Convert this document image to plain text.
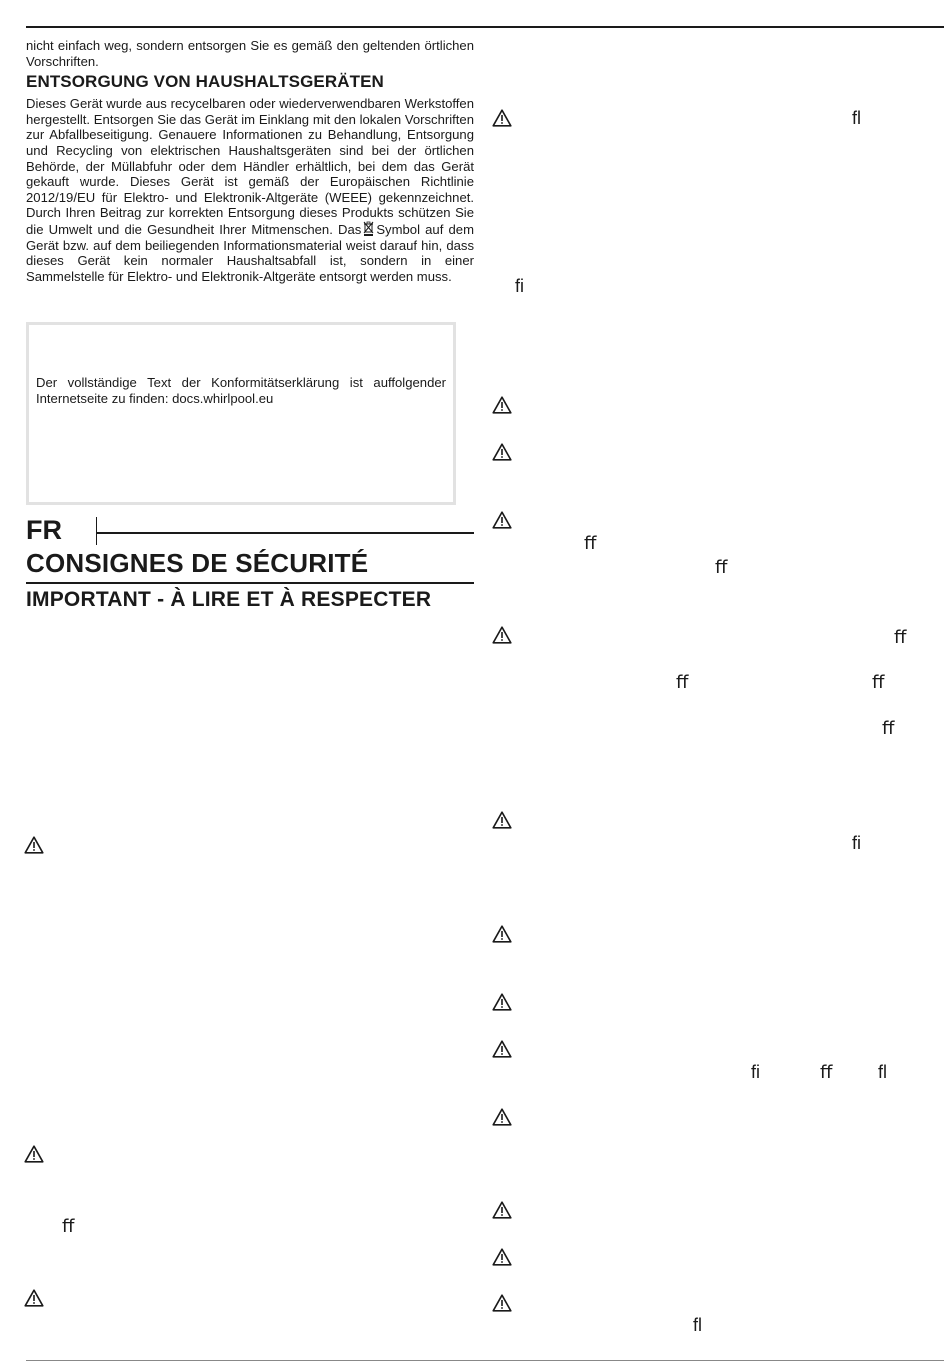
nicht einfach weg, sondern entsorgen Sie es gemäß den geltenden örtlichen Vorschriften.

ENTSORGUNG VON HAUSHALTSGERÄTEN

Dieses Gerät wurde aus recycelbaren oder wiederverwendbaren Werkstoffen hergestellt. Entsorgen Sie das Gerät im Einklang mit den lokalen Vorschriften zur Abfallbeseitigung. Genauere Informationen zu Behandlung, Entsorgung und Recycling von elektrischen Haushaltsgeräten sind bei der örtlichen Behörde, der Müllabfuhr oder dem Händler erhältlich, bei dem das Gerät gekauft wurde. Dieses Gerät ist gemäß der Europäischen Richtlinie 2012/19/EU für Elektro- und Elektronik-Altgeräte (WEEE) gekennzeichnet. Durch Ihren Beitrag zur korrekten Entsorgung dieses Produkts schützen Sie die Umwelt und die Gesundheit Ihrer Mitmenschen. Das Symbol auf dem Gerät bzw. auf dem beiliegenden Informationsmaterial weist darauf hin, dass dieses Gerät kein normaler Haushaltsabfall ist, sondern in einer Sammelstelle für Elektro- und Elektronik-Altgeräte entsorgt werden muss.

Der vollständige Text der Konformitätserklärung ist auffolgender Internetseite zu finden: docs.whirlpool.eu

FR
CONSIGNES DE SÉCURITÉ
IMPORTANT - À LIRE ET À RESPECTER
ﬂ
ﬁ
ﬀ
ﬀ
ﬀ
ﬀ	ﬀ
ﬀ
ﬁ
ﬁ	ﬀ	ﬂ
ﬂ
ﬀ
